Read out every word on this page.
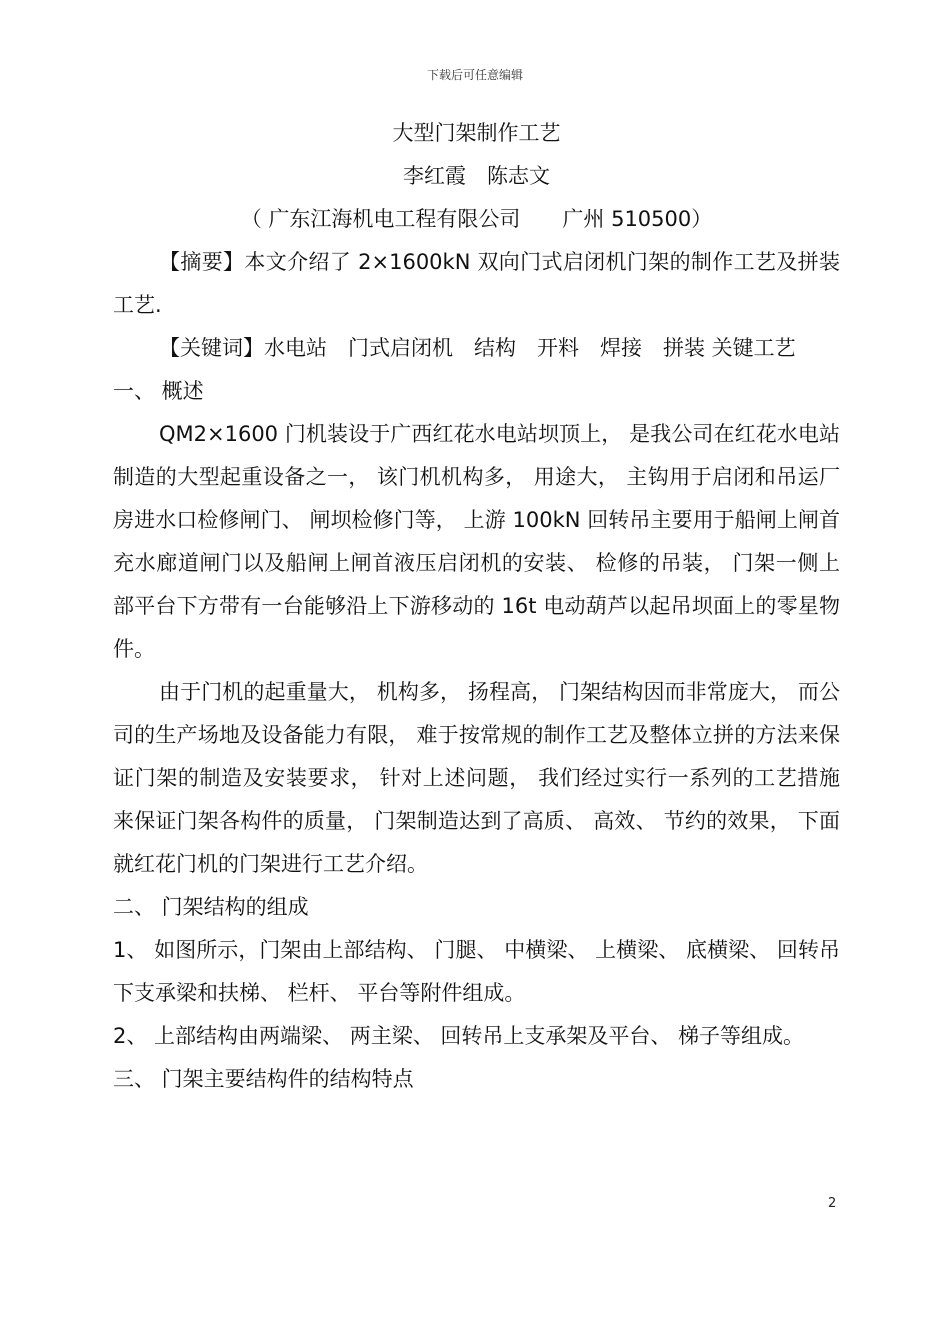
下载后可任意编辑

大型门架制作工艺

李红霞　陈志文

（ 广东江海机电工程有限公司　　广州 510500）

【摘要】本文介绍了 2×1600kN 双向门式启闭机门架的制作工艺及拼装工艺.

【关键词】水电站　门式启闭机　结构　开料　焊接　拼装 关键工艺

一、 概述

QM2×1600 门机装设于广西红花水电站坝顶上， 是我公司在红花水电站制造的大型起重设备之一， 该门机机构多， 用途大， 主钩用于启闭和吊运厂房进水口检修闸门、 闸坝检修门等， 上游 100kN 回转吊主要用于船闸上闸首充水廊道闸门以及船闸上闸首液压启闭机的安装、 检修的吊装， 门架一侧上部平台下方带有一台能够沿上下游移动的 16t 电动葫芦以起吊坝面上的零星物件。

由于门机的起重量大， 机构多， 扬程高， 门架结构因而非常庞大， 而公司的生产场地及设备能力有限， 难于按常规的制作工艺及整体立拼的方法来保证门架的制造及安装要求， 针对上述问题， 我们经过实行一系列的工艺措施来保证门架各构件的质量， 门架制造达到了高质、 高效、 节约的效果， 下面就红花门机的门架进行工艺介绍。

二、 门架结构的组成

1、 如图所示，门架由上部结构、 门腿、 中横梁、 上横梁、 底横梁、 回转吊下支承梁和扶梯、 栏杆、 平台等附件组成。

2、 上部结构由两端梁、 两主梁、 回转吊上支承架及平台、 梯子等组成。

三、 门架主要结构件的结构特点

2
